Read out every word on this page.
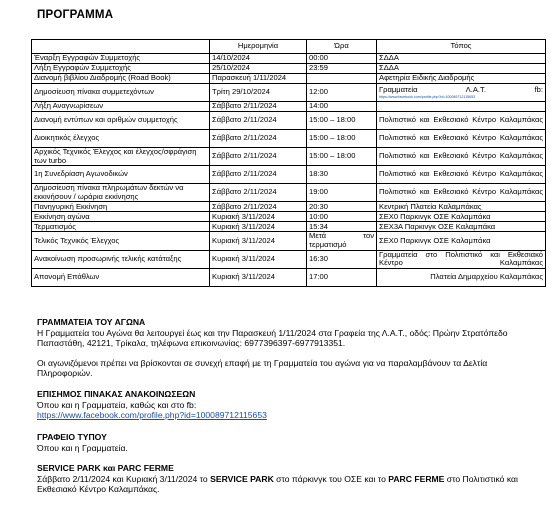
ΠΡΟΓΡΑΜΜΑ
	Ημερομηνία	Ώρα	Τόπος
Έναρξη Εγγραφών Συμμετοχής	14/10/2024	00:00	ΣΔΔΑ
Λήξη Εγγραφών Συμμετοχής	25/10/2024	23:59	ΣΔΔΑ
Διανομή βιβλίου Διαδρομής (Road Book)	Παρασκευή 1/11/2024		Αφετηρία Ειδικής Διαδρομής
Δημοσίευση πίνακα συμμετεχόντων	Τρίτη 29/10/2024	12:00	Γραμματεία Λ.Α.Τ. fb:
https://www.facebook.com/profile.php?id=100089712115653

Λήξη Αναγνωρίσεων	Σάββατο 2/11/2024	14:00	
Διανομή εντύπων και αριθμών συμμετοχής	Σάββατο 2/11/2024	15:00 – 18:00	Πολιτιστικό και Εκθεσιακό Κέντρο Καλαμπάκας
Διοικητικός έλεγχος	Σάββατο 2/11/2024	15:00 – 18:00	Πολιτιστικό και Εκθεσιακό Κέντρο Καλαμπάκας
Αρχικός Τεχνικός Έλεγχος και έλεγχος/σφράγιση των turbo	Σάββατο 2/11/2024	15:00 – 18:00	Πολιτιστικό και Εκθεσιακό Κέντρο Καλαμπάκας
1η Συνεδρίαση Αγωνοδικών	Σάββατο 2/11/2024	18:30	Πολιτιστικό και Εκθεσιακό Κέντρο Καλαμπάκας
Δημοσίευση πίνακα πληρωμάτων δεκτών να εκκινήσουν / ωράρια εκκίνησης	Σάββατο 2/11/2024	19:00	Πολιτιστικό και Εκθεσιακό Κέντρο Καλαμπάκας
Πανηγυρική Εκκίνηση	Σάββατο 2/11/2024	20:30	Κεντρική Πλατεία Καλαμπάκας
Εκκίνηση αγώνα	Κυριακή 3/11/2024	10:00	ΣΕΧ0 Παρκινγκ ΟΣΕ Καλαμπάκα
Τερματισμός	Κυριακή 3/11/2024	15:34	ΣΕΧ3Α Παρκινγκ ΟΣΕ Καλαμπάκα
Τελικός Τεχνικός Έλεγχος	Κυριακή 3/11/2024	Μετά τον τερματισμό	ΣΕΧ0 Παρκινγκ ΟΣΕ Καλαμπάκα
Ανακοίνωση προσωρινής τελικής κατάταξης	Κυριακή 3/11/2024	16:30	Γραμματεία στο Πολιτιστικό και Εκθεσιακό Κέντρο Καλαμπάκας
Απονομή Επάθλων	Κυριακή 3/11/2024	17:00	Πλατεία Δημαρχείου Καλαμπάκας
ΓΡΑΜΜΑΤΕΙΑ ΤΟΥ ΑΓΩΝΑ
Η Γραμματεία του Αγώνα θα λειτουργεί έως και την Παρασκευή 1/11/2024 στα Γραφεία της Λ.Α.Τ., οδός: Πρώην Στρατόπεδο Παπαστάθη, 42121, Τρίκαλα, τηλέφωνα επικοινωνίας: 6977396397-6977913351.
Οι αγωνιζόμενοι πρέπει να βρίσκονται σε συνεχή επαφή με τη Γραμματεία του αγώνα για να παραλαμβάνουν τα Δελτία Πληροφοριών.
ΕΠΙΣΗΜΟΣ ΠΙΝΑΚΑΣ ΑΝΑΚΟΙΝΩΣΕΩΝ
Όπου και η Γραμματεία, καθώς και στο fb:
https://www.facebook.com/profile.php?id=100089712115653
ΓΡΑΦΕΙΟ ΤΥΠΟΥ
Όπου και η Γραμματεία.
SERVICE PARK και PARC FERME
Σάββατο 2/11/2024 και Κυριακή 3/11/2024 το SERVICE PARK στο πάρκινγκ του ΟΣΕ και το PARC FERME στο Πολιτιστικό και Εκθεσιακό Κέντρο Καλαμπάκας.
